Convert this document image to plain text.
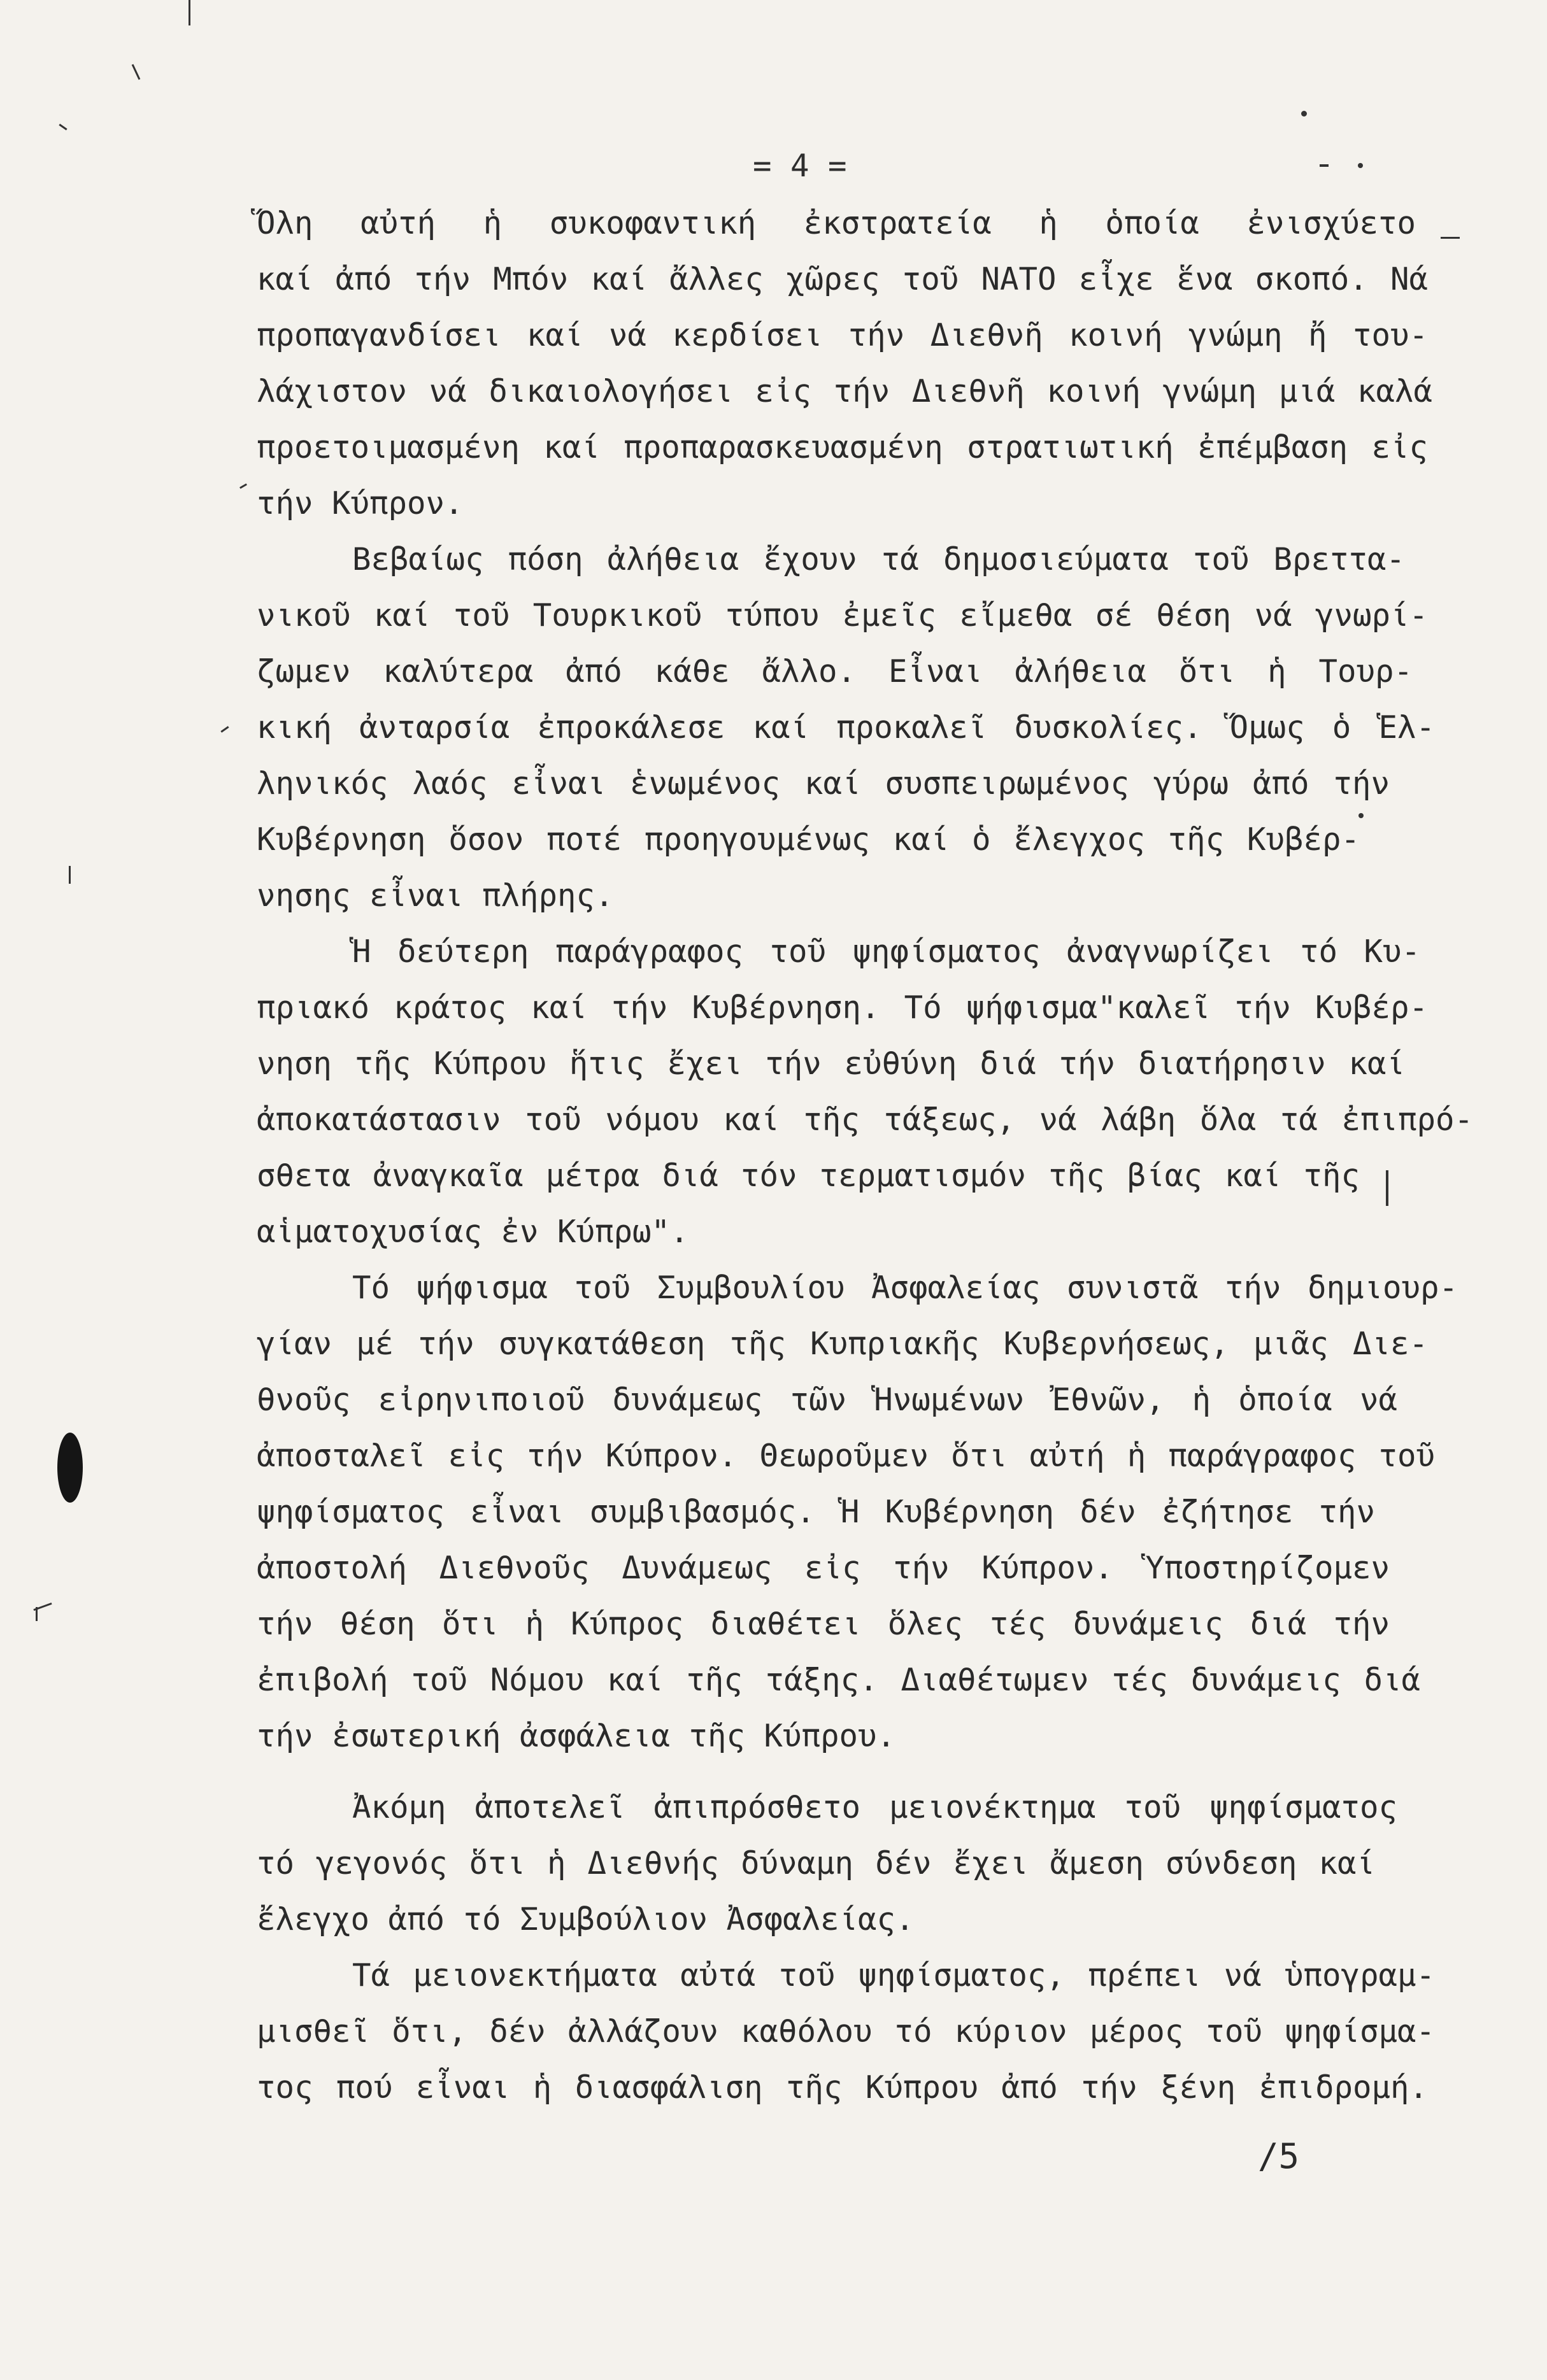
= 4 =
Ὅλη αὐτή ἡ συκοφαντική ἐκστρατεία ἡ ὁποία ἐνισχύετο
καί ἀπό τήν Μπόν καί ἄλλες χῶρες τοῦ ΝΑΤΟ εἶχε ἕνα σκοπό. Νά
προπαγανδίσει καί νά κερδίσει τήν Διεθνῆ κοινή γνώμη ἤ του-
λάχιστον νά δικαιολογήσει εἰς τήν Διεθνῆ κοινή γνώμη μιά καλά
προετοιμασμένη καί προπαρασκευασμένη στρατιωτική ἐπέμβαση εἰς
τήν Κύπρον.
Βεβαίως πόση ἀλήθεια ἔχουν τά δημοσιεύματα τοῦ Βρεττα-
νικοῦ καί τοῦ Τουρκικοῦ τύπου ἐμεῖς εἴμεθα σέ θέση νά γνωρί-
ζωμεν καλύτερα ἀπό κάθε ἄλλο. Εἶναι ἀλήθεια ὅτι ἡ Τουρ-
κική ἀνταρσία ἐπροκάλεσε καί προκαλεῖ δυσκολίες. Ὅμως ὁ Ἑλ-
ληνικός λαός εἶναι ἑνωμένος καί συσπειρωμένος γύρω ἀπό τήν
Κυβέρνηση ὅσον ποτέ προηγουμένως καί ὁ ἔλεγχος τῆς Κυβέρ-
νησης εἶναι πλήρης.
Ἡ δεύτερη παράγραφος τοῦ ψηφίσματος ἀναγνωρίζει τό Κυ-
πριακό κράτος καί τήν Κυβέρνηση. Τό ψήφισμα"καλεῖ τήν Κυβέρ-
νηση τῆς Κύπρου ἥτις ἔχει τήν εὐθύνη διά τήν διατήρησιν καί
ἀποκατάστασιν τοῦ νόμου καί τῆς τάξεως, νά λάβη ὅλα τά ἐπιπρό-
σθετα ἀναγκαῖα μέτρα διά τόν τερματισμόν τῆς βίας καί τῆς
αἱματοχυσίας ἐν Κύπρω".
Τό ψήφισμα τοῦ Συμβουλίου Ἀσφαλείας συνιστᾶ τήν δημιουρ-
γίαν μέ τήν συγκατάθεση τῆς Κυπριακῆς Κυβερνήσεως, μιᾶς Διε-
θνοῦς εἰρηνιποιοῦ δυνάμεως τῶν Ἡνωμένων Ἐθνῶν, ἡ ὁποία νά
ἀποσταλεῖ εἰς τήν Κύπρον. Θεωροῦμεν ὅτι αὐτή ἡ παράγραφος τοῦ
ψηφίσματος εἶναι συμβιβασμός. Ἡ Κυβέρνηση δέν ἐζήτησε τήν
ἀποστολή Διεθνοῦς Δυνάμεως εἰς τήν Κύπρον. Ὑποστηρίζομεν
τήν θέση ὅτι ἡ Κύπρος διαθέτει ὅλες τές δυνάμεις διά τήν
ἐπιβολή τοῦ Νόμου καί τῆς τάξης. Διαθέτωμεν τές δυνάμεις διά
τήν ἐσωτερική ἀσφάλεια τῆς Κύπρου.
Ἀκόμη ἀποτελεῖ ἀπιπρόσθετο μειονέκτημα τοῦ ψηφίσματος
τό γεγονός ὅτι ἡ Διεθνής δύναμη δέν ἔχει ἄμεση σύνδεση καί
ἔλεγχο ἀπό τό Συμβούλιον Ἀσφαλείας.
Τά μειονεκτήματα αὐτά τοῦ ψηφίσματος, πρέπει νά ὑπογραμ-
μισθεῖ ὅτι, δέν ἀλλάζουν καθόλου τό κύριον μέρος τοῦ ψηφίσμα-
τος πού εἶναι ἡ διασφάλιση τῆς Κύπρου ἀπό τήν ξένη ἐπιδρομή.
/5
